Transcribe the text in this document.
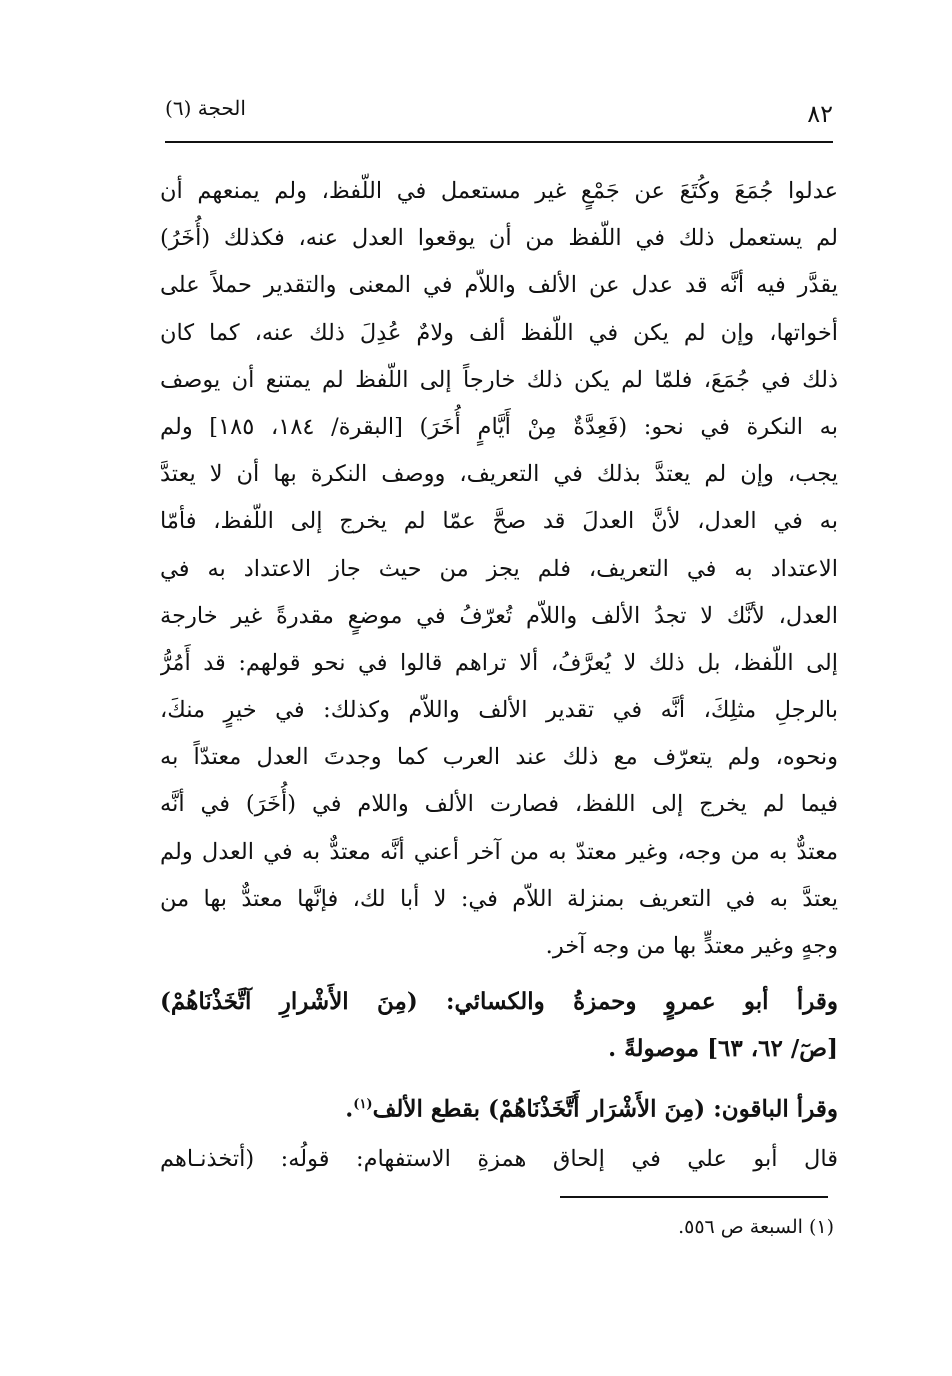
٨٢
الحجة (٦)
عدلوا جُمَعَ وكُتَعَ عن جَمْعٍ غير مستعمل في اللّفظ، ولم يمنعهم أن
لم يستعمل ذلك في اللّفظ من أن يوقعوا العدل عنه، فكذلك (أُخَرُ)
يقدَّر فيه أنَّه قد عدل عن الألف واللاّم في المعنى والتقدير حملاً على
أخواتها، وإن لم يكن في اللّفظ ألف ولامٌ عُدِلَ ذلك عنه، كما كان
ذلك في جُمَعَ، فلمّا لم يكن ذلك خارجاً إلى اللّفظ لم يمتنع أن يوصف
به النكرة في نحو: (فَعِدَّةٌ مِنْ أَيَّامٍ أُخَرَ) [البقرة/ ١٨٤، ١٨٥] ولم
يجب، وإن لم يعتدَّ بذلك في التعريف، ووصف النكرة بها أن لا يعتدَّ
به في العدل، لأنَّ العدلَ قد صحَّ عمّا لم يخرج إلى اللّفظ، فأمّا
الاعتداد به في التعريف، فلم يجز من حيث جاز الاعتداد به في
العدل، لأنَّك لا تجدُ الألف واللاّم تُعرّفُ في موضعٍ مقدرةً غير خارجة
إلى اللّفظ، بل ذلك لا يُعرَّفُ، ألا تراهم قالوا في نحو قولهم: قد أَمُرُّ
بالرجلِ مثلِكَ، أنَّه في تقدير الألف واللاّم وكذلك: في خيرٍ منكَ،
ونحوه، ولم يتعرّف مع ذلك عند العرب كما وجدتَ العدل معتدّاً به
فيما لم يخرج إلى اللفظ، فصارت الألف واللام في (أُخَرَ) في أنَّه
معتدٌّ به من وجه، وغير معتدّ به من آخر أعني أنَّه معتدٌّ به في العدل ولم
يعتدَّ به في التعريف بمنزلة اللاّم في: لا أبا لك، فإنَّها معتدٌّ بها من
وجهٍ وغير معتدٍّ بها من وجه آخر.
وقرأ أبو عمروٍ وحمزةُ والكسائي: (مِنَ الأَشْرارِ آتَّخَذْنَاهُمْ)
[صٓ/ ٦٢، ٦٣] موصولةً .
وقرأ الباقون: (مِنَ الأَشْرَار أَتَّخَذْنَاهُمْ) بقطع الألف$^{(١)}$.
قال أبو علي في إلحاق همزةِ الاستفهام: قولُه: (أتخذنـاهم
(١) السبعة ص ٥٥٦.
